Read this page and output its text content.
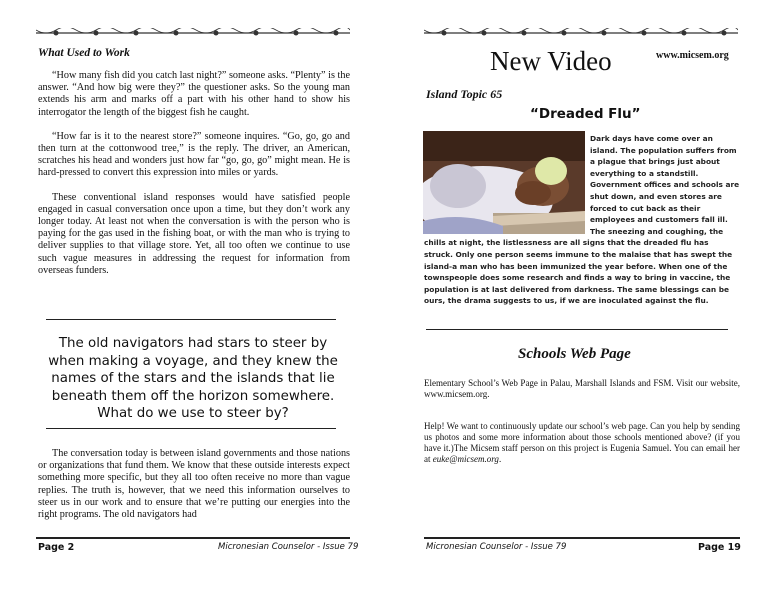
What Used to Work

“How many fish did you catch last night?” someone asks. “Plenty” is the answer. “And how big were they?” the questioner asks. So the young man extends his arm and marks off a part with his other hand to show his interrogator the length of the biggest fish he caught.

“How far is it to the nearest store?” someone inquires. “Go, go, go and then turn at the cottonwood tree,” is the reply. The driver, an American, scratches his head and wonders just how far “go, go, go” might mean. He is hard-pressed to convert this expression into miles or yards.

These conventional island responses would have satisfied people engaged in casual conversation once upon a time, but they don’t work any longer today. At least not when the conversation is with the person who is paying for the gas used in the fishing boat, or with the man who is trying to deliver supplies to that village store. Yet, all too often we continue to use such vague measures in addressing the request for information from overseas funders.

The old navigators had stars to steer by when making a voyage, and they knew the names of the stars and the islands that lie beneath them off the horizon somewhere. What do we use to steer by?

The conversation today is between island governments and those nations or organizations that fund them. We know that these outside interests expect something more specific, but they all too often receive no more than vague replies. The truth is, however, that we need this information ourselves to steer us in our work and to ensure that we’re putting our energies into the right programs. The old navigators had

Page 2	Micronesian Counselor - Issue 79
New Video	www.micsem.org
Island Topic 65
“Dreaded Flu”
Dark days have come over an island. The population suffers from a plague that brings just about everything to a standstill. Government offices and schools are shut down, and even stores are forced to cut back as their employees and customers fall ill. The sneezing and coughing, the chills at night, the listlessness are all signs that the dreaded flu has struck. Only one person seems immune to the malaise that has swept the island-a man who has been immunized the year before. When one of the townspeople does some research and finds a way to bring in vaccine, the population is at last delivered from darkness. The same blessings can be ours, the drama suggests to us, if we are inoculated against the flu.
Schools Web Page
Elementary School’s Web Page in Palau, Marshall Islands and FSM. Visit our website, www.micsem.org.
Help! We want to continuously update our school’s web page. Can you help by sending us photos and some more information about those schools mentioned above? (if you have it.)The Micsem staff person on this project is Eugenia Samuel. You can email her at euke@micsem.org.
Micronesian Counselor - Issue 79	Page 19
